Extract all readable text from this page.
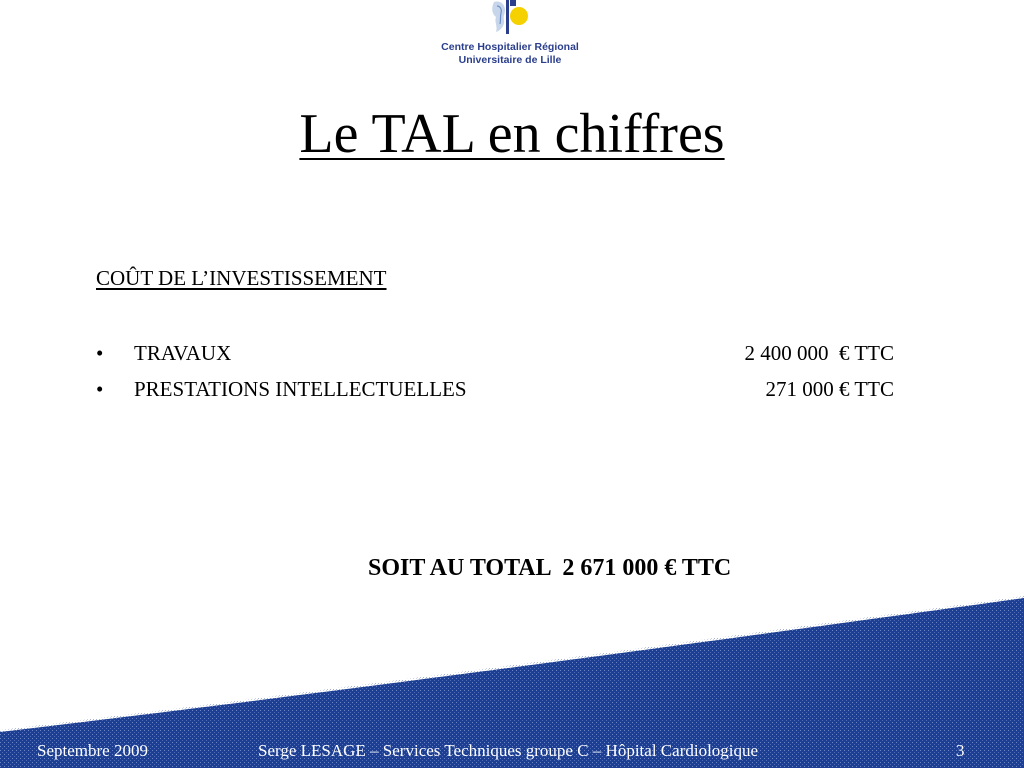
Centre Hospitalier Régional
Universitaire de Lille
Le TAL en chiffres
COÛT DE L’INVESTISSEMENT
• TRAVAUX	2 400 000  € TTC
• PRESTATIONS INTELLECTUELLES	271 000 € TTC
SOIT AU TOTAL  2 671 000 € TTC
Septembre 2009	Serge LESAGE – Services Techniques groupe C – Hôpital Cardiologique	3
